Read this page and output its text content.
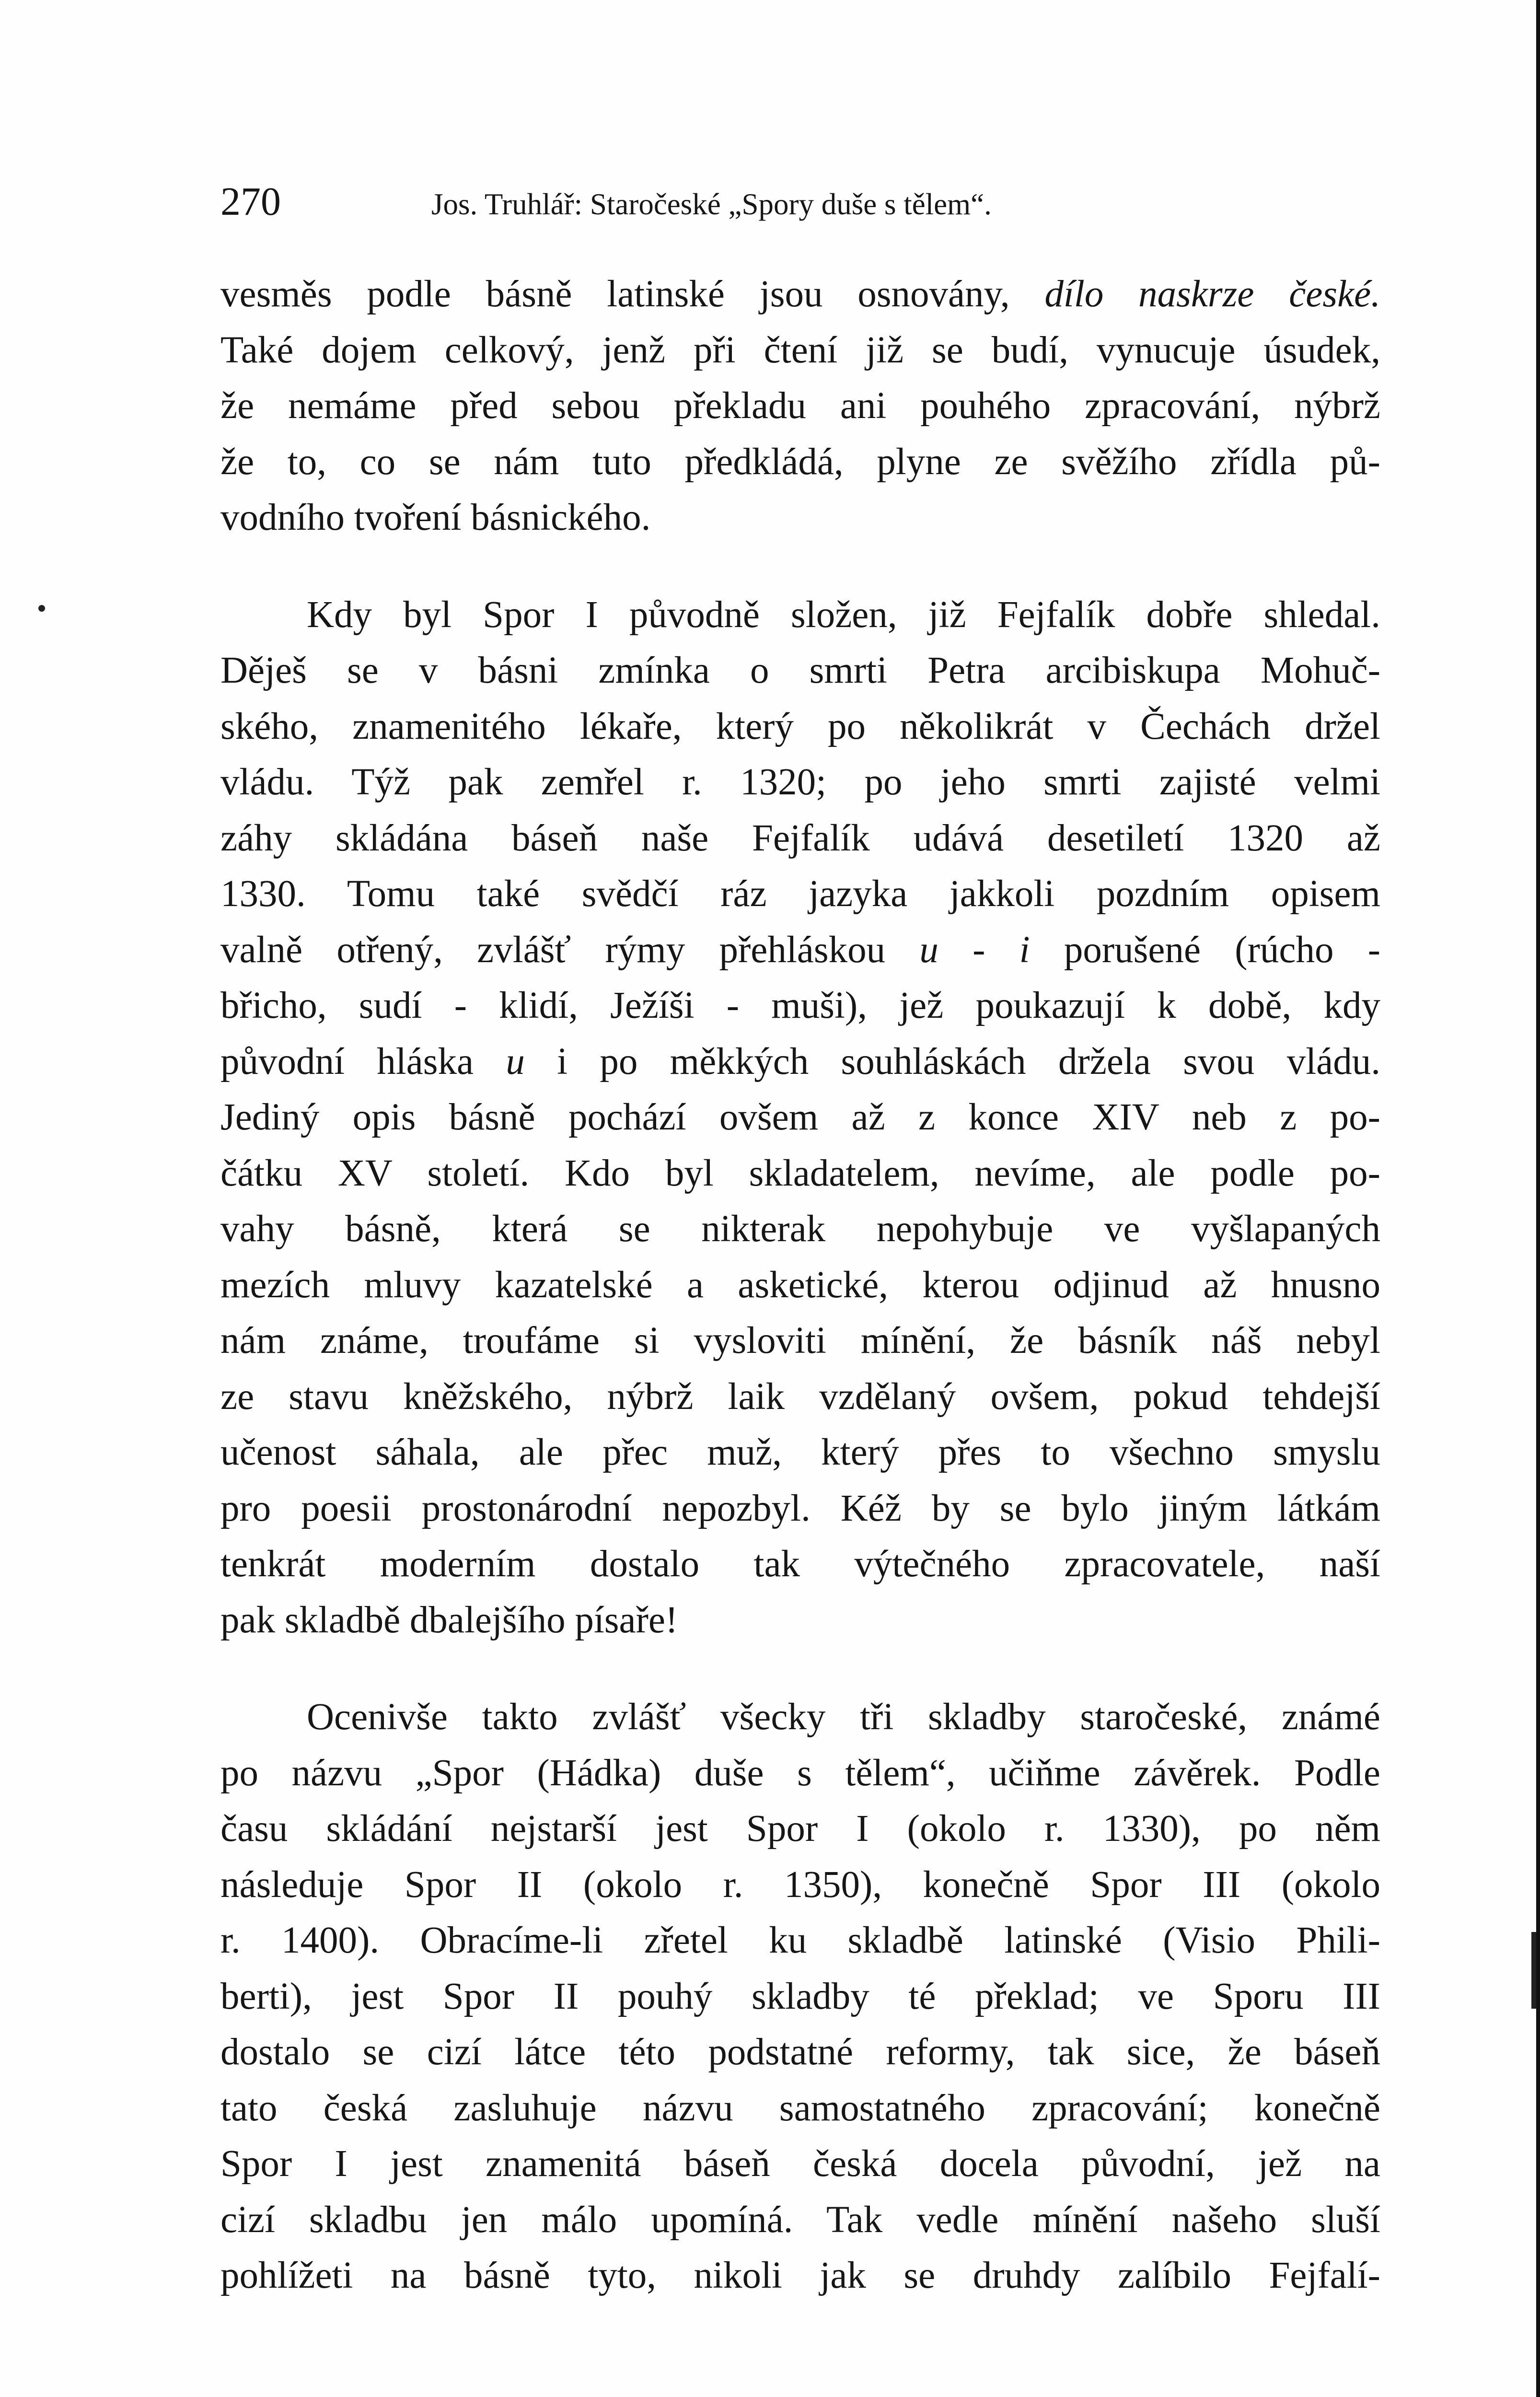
270	Jos. Truhlář: Staročeské „Spory duše s tělem“.
vesměs podle básně latinské jsou osnovány, dílo naskrze české.
Také dojem celkový, jenž při čtení již se budí, vynucuje úsudek,
že nemáme před sebou překladu ani pouhého zpracování, nýbrž
že to, co se nám tuto předkládá, plyne ze svěžího zřídla pů-
vodního tvoření básnického.
Kdy byl Spor I původně složen, již Fejfalík dobře shledal.
Děješ se v básni zmínka o smrti Petra arcibiskupa Mohuč-
ského, znamenitého lékaře, který po několikrát v Čechách držel
vládu. Týž pak zemřel r. 1320; po jeho smrti zajisté velmi
záhy skládána báseň naše Fejfalík udává desetiletí 1320 až
1330. Tomu také svědčí ráz jazyka jakkoli pozdním opisem
valně otřený, zvlášť rýmy přehláskou u - i porušené (rúcho -
břicho, sudí - klidí, Ježíši - muši), jež poukazují k době, kdy
původní hláska u i po měkkých souhláskách držela svou vládu.
Jediný opis básně pochází ovšem až z konce XIV neb z po-
čátku XV století. Kdo byl skladatelem, nevíme, ale podle po-
vahy básně, která se nikterak nepohybuje ve vyšlapaných
mezích mluvy kazatelské a asketické, kterou odjinud až hnusno
nám známe, troufáme si vysloviti mínění, že básník náš nebyl
ze stavu kněžského, nýbrž laik vzdělaný ovšem, pokud tehdejší
učenost sáhala, ale přec muž, který přes to všechno smyslu
pro poesii prostonárodní nepozbyl. Kéž by se bylo jiným látkám
tenkrát moderním dostalo tak výtečného zpracovatele, naší
pak skladbě dbalejšího písaře!
Ocenivše takto zvlášť všecky tři skladby staročeské, známé
po názvu „Spor (Hádka) duše s tělem“, učiňme závěrek. Podle
času skládání nejstarší jest Spor I (okolo r. 1330), po něm
následuje Spor II (okolo r. 1350), konečně Spor III (okolo
r. 1400). Obracíme-li zřetel ku skladbě latinské (Visio Phili-
berti), jest Spor II pouhý skladby té překlad; ve Sporu III
dostalo se cizí látce této podstatné reformy, tak sice, že báseň
tato česká zasluhuje názvu samostatného zpracování; konečně
Spor I jest znamenitá báseň česká docela původní, jež na
cizí skladbu jen málo upomíná. Tak vedle mínění našeho sluší
pohlížeti na básně tyto, nikoli jak se druhdy zalíbilo Fejfalí-
